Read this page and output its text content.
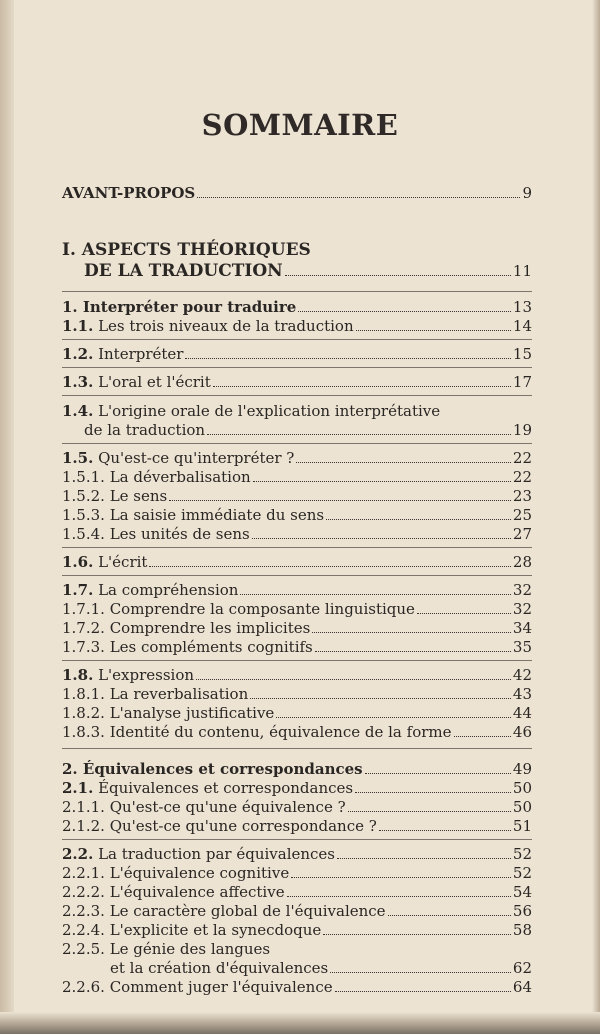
SOMMAIRE
AVANT-PROPOS	9
I. ASPECTS THÉORIQUES
DE LA TRADUCTION	11
1. Interpréter pour traduire	13
1.1. Les trois niveaux de la traduction	14
1.2. Interpréter	15
1.3. L'oral et l'écrit	17
1.4. L'origine orale de l'explication interprétative
de la traduction	19
1.5. Qu'est-ce qu'interpréter ?	22
1.5.1. La déverbalisation	22
1.5.2. Le sens	23
1.5.3. La saisie immédiate du sens	25
1.5.4. Les unités de sens	27
1.6. L'écrit	28
1.7. La compréhension	32
1.7.1. Comprendre la composante linguistique	32
1.7.2. Comprendre les implicites	34
1.7.3. Les compléments cognitifs	35
1.8. L'expression	42
1.8.1. La reverbalisation	43
1.8.2. L'analyse justificative	44
1.8.3. Identité du contenu, équivalence de la forme	46
2. Équivalences et correspondances	49
2.1. Équivalences et correspondances	50
2.1.1. Qu'est-ce qu'une équivalence ?	50
2.1.2. Qu'est-ce qu'une correspondance ?	51
2.2. La traduction par équivalences	52
2.2.1. L'équivalence cognitive	52
2.2.2. L'équivalence affective	54
2.2.3. Le caractère global de l'équivalence	56
2.2.4. L'explicite et la synecdoque	58
2.2.5. Le génie des langues
et la création d'équivalences	62
2.2.6. Comment juger l'équivalence	64
